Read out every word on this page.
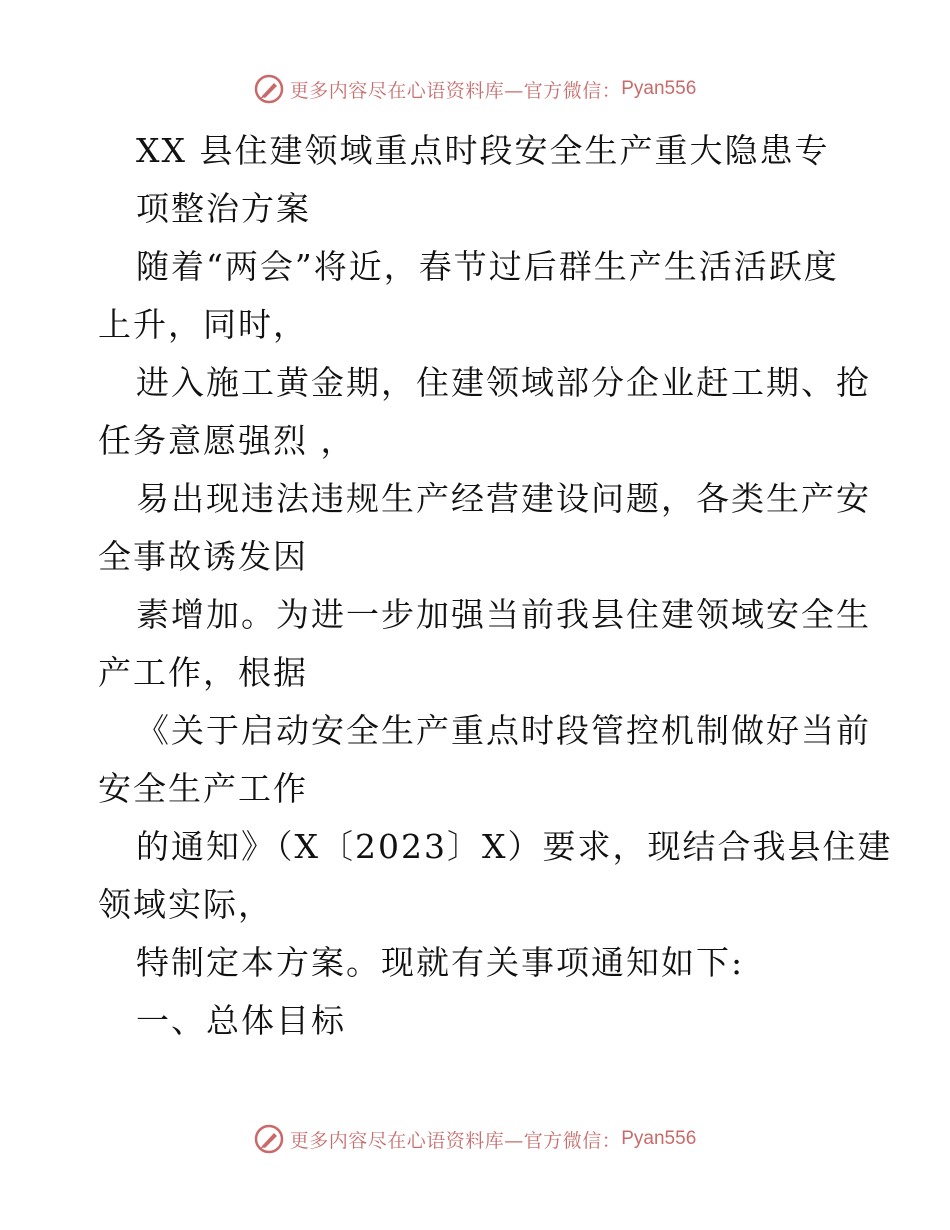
更多内容尽在心语资料库—官方微信： Pyan556
XX 县住建领域重点时段安全生产重大隐患专
项整治方案
随着“两会”将近，春节过后群生产生活活跃度
上升，同时，
进入施工黄金期，住建领域部分企业赶工期、抢
任务意愿强烈 ，
易出现违法违规生产经营建设问题，各类生产安
全事故诱发因
素增加。为进一步加强当前我县住建领域安全生
产工作，根据
《关于启动安全生产重点时段管控机制做好当前
安全生产工作
的通知》（X〔2023〕X）要求，现结合我县住建
领域实际，
特制定本方案。现就有关事项通知如下:
一、总体目标
更多内容尽在心语资料库—官方微信： Pyan556
